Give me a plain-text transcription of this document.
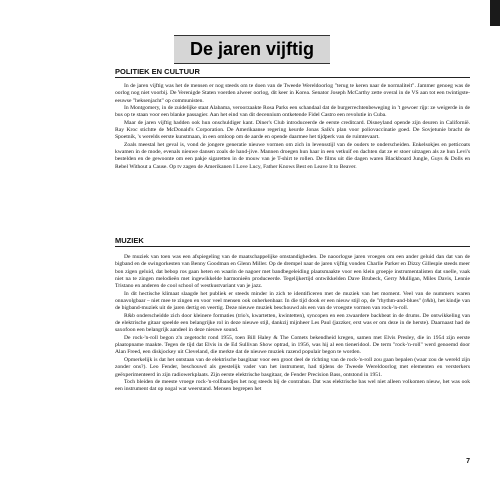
De jaren vijftig
POLITIEK EN CULTUUR

In de jaren vijftig was het de mensen er nog steeds om te doen van de Tweede Wereldoorlog "terug te keren naar de normaliteit". Jammer genoeg was de oorlog nog niet voorbij. De Verenigde Staten voerden alweer oorlog, dit keer in Korea. Senator Joseph McCarthy zette overal in de VS aan tot een twintigste-eeuwse "heksenjacht" op communisten.

In Montgomery, in de zuidelijke staat Alabama, veroorzaakte Rosa Parks een schandaal dat de burgerrechtenbeweging in 't gewoer rijp: ze weigerde in de bus op te staan voor een blanke passagier. Aan het eind van dit decennium ontketende Fidel Castro een revolutie in Cuba.

Maar de jaren vijftig hadden ook hun onschuldiger kant. Diner's Club introduceerde de eerste creditcard. Disneyland opende zijn deuren in Californië. Ray Kroc stichtte de McDonald's Corporation. De Amerikaanse regering keurde Jonas Salk's plan voor poliovaccinatie goed. De Sovjetunie bracht de Spoetnik, 's werelds eerste kunstmaan, in een omloop om de aarde en opende daarmee het tijdperk van de ruimtevaart.

Zoals meestal het geval is, vond de jongere generatie nieuwe vormen om zich in levensstijl van de ouders te onderscheiden. Enkelsokjes en petticoats kwamen in de mode, evenals nieuwe dansen zoals de hand-jive. Mannen droegen hun haar in een vetkuif en dachten dat ze er stoer uitzagen als ze hun Levi's bestelden en de gewoonte om een pakje sigaretten in de mouw van je T-shirt te rollen. De films uit die dagen waren Blackboard Jungle, Guys & Dolls en Rebel Without a Cause. Op tv zagen de Amerikanen I Love Lucy, Father Knows Best en Leave It to Beaver.

MUZIEK

De muziek van toen was een afspiegeling van de maatschappelijke omstandigheden. De naoorlogse jaren vroegen om een ander geluid dan dat van de bigband en de swingorkesten van Benny Goodman en Glenn Miller. Op de drempel naar de jaren vijftig vonden Charlie Parker en Dizzy Gillespie steeds meer bon zigen geluid, dat bebop ros gaan heten en waarin de nagoer met bandbegeleiding plaatsmaakte voor een klein groepje instrumentalisten dat snelle, vaak niet na te zingen melodieën met ingewikkelde harmonieën produceerde. Tegelijkertijd ontwikkelden Dave Brubeck, Gerry Mulligan, Miles Davis, Lennie Tristano en anderen de cool school of westkustvariant van je jazz.

In dit hectische klimaat slaagde het publiek er steeds minder in zich te identificeren met de muziek van het moment. Veel van de nummers waren onnavolgbaar – niet mee te zingen en voor veel mensen ook onherkenbaar. In die tijd dook er een nieuw stijl op, de "rhythm-and-blues" (r&b), het kindje van de bigband-muziek uit de jaren dertig en veertig. Deze nieuwe muziek beschouwd als een van de vroegste vormen van rock-'n-roll.

R&b onderscheidde zich door kleinere formaties (trio's, kwartetten, kwintetten), syncopen en een zwaardere backbeat in de drums. De ontwikkeling van de elektrische gitaar speelde een belangrijke rol in deze nieuwe stijl, dankzij mijnheer Les Paul (jazzker, erst was er om deze in de herste). Daarnaast had de saxofoon een belangrijk aandeel in deze nieuwe sound.

De rock-'n-roll begon z'n zegetocht rond 1955, toen Bill Haley & The Comets bekendheid kregen, samen met Elvis Presley, die in 1954 zijn eerste plaatopname maakte. Tegen de tijd dat Elvis in de Ed Sullivan Show optrad, in 1956, was hij al een tieneridool. De term "rock-'n-roll" werd genoemd door Alan Freed, een diskjockey uit Cleveland, die merkte dat de nieuwe muziek razend populair begon te worden.

Opmerkelijk is dat het ontstaan van de elektrische basgitaar voor een groot deel de richting van de rock-'n-roll zou gaan bepalen (waar zou de wereld zijn zonder ons?). Leo Fender, beschouwd als geestelijk vader van het instrument, had tijdens de Tweede Wereldoorlog met elementen en versterkers geëxperimenteerd in zijn radiowerkplaats. Zijn eerste elektrische basgitaar, de Fender Precision Bass, ontstond in 1951.

Toch bleiden de meeste vroege rock-'n-rollbandjes het nog steeds bij de contrabas. Dat was elektrische bas wel niet alleen volkomen nieuw, het was ook een instrument dat op nogal wat weerstand. Mensen begrepen het

7
